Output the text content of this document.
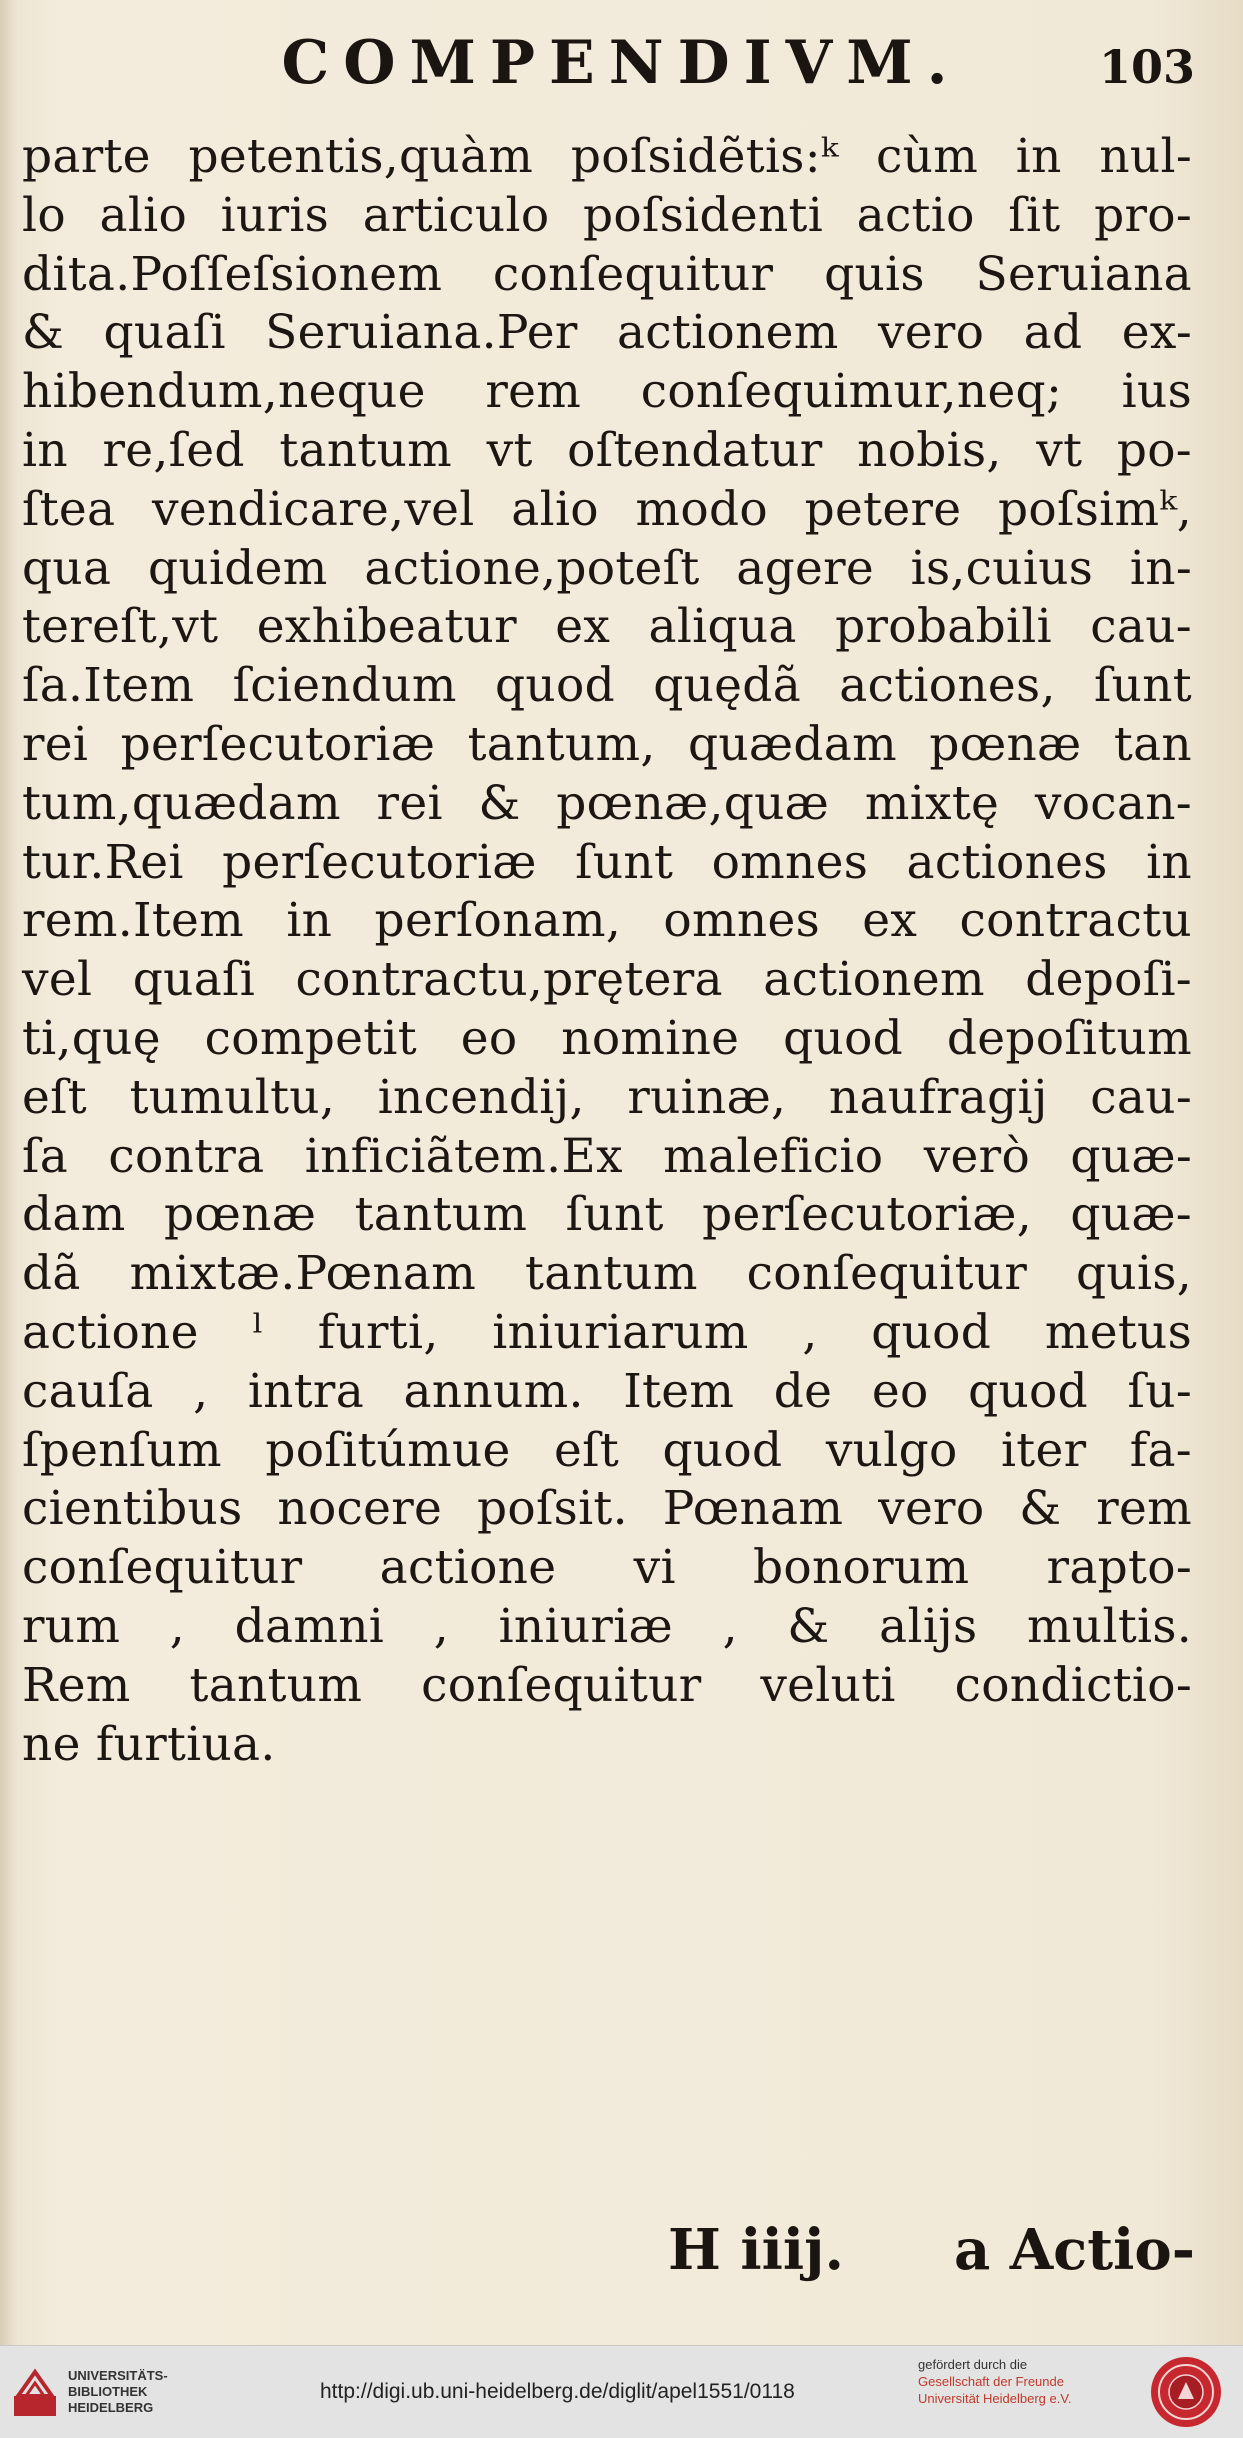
COMPENDIVM.	103
parte petentis,quàm poſsidẽtis:ᵏ cùm in nul-
lo alio iuris articulo poſsidenti actio ſit pro-
dita.Poſſeſsionem conſequitur quis Seruiana
& quaſi Seruiana.Per actionem vero ad ex-
hibendum,neque rem conſequimur,neq; ius
in re,ſed tantum vt oſtendatur nobis, vt po-
ſtea vendicare,vel alio modo petere poſsimᵏ,
qua quidem actione,poteſt agere is,cuius in-
tereſt,vt exhibeatur ex aliqua probabili cau-
ſa.Item ſciendum quod quędã actiones, ſunt
rei perſecutoriæ tantum, quædam pœnæ tan
tum,quædam rei & pœnæ,quæ mixtę vocan-
tur.Rei perſecutoriæ ſunt omnes actiones in
rem.Item in perſonam, omnes ex contractu
vel quaſi contractu,prętera actionem depoſi-
ti,quę competit eo nomine quod depoſitum
eſt tumultu, incendij, ruinæ, naufragij cau-
ſa contra inficiãtem.Ex maleficio verò quæ-
dam pœnæ tantum ſunt perſecutoriæ, quæ-
dã mixtæ.Pœnam tantum conſequitur quis,
actione ˡ furti, iniuriarum , quod metus
cauſa , intra annum. Item de eo quod ſu-
ſpenſum poſitúmue eſt quod vulgo iter fa-
cientibus nocere poſsit. Pœnam vero & rem
conſequitur actione vi bonorum rapto-
rum , damni , iniuriæ , & alijs multis.
Rem tantum conſequitur veluti condictio-
ne furtiua.
H iiij. a Actio-
UNIVERSITÄTS-
BIBLIOTHEK
HEIDELBERG
http://digi.ub.uni-heidelberg.de/diglit/apel1551/0118
gefördert durch die
Gesellschaft der Freunde
Universität Heidelberg e.V.
